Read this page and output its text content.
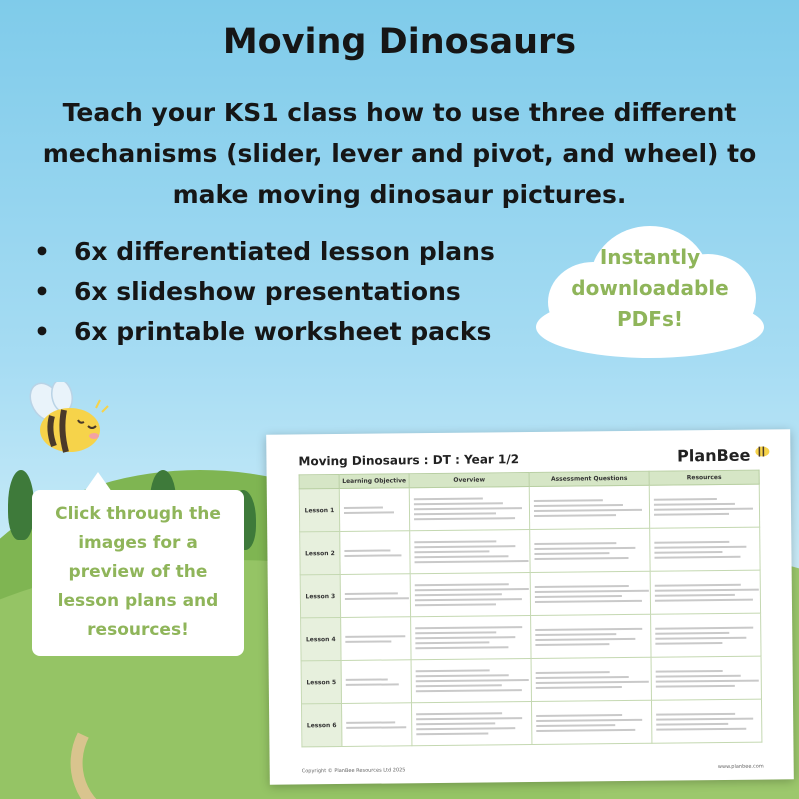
Moving Dinosaurs
Teach your KS1 class how to use three different mechanisms (slider, lever and pivot, and wheel) to make moving dinosaur pictures.
• 6x differentiated lesson plans
• 6x slideshow presentations
• 6x printable worksheet packs
Instantly
downloadable
PDFs!
Click through the
images for a
preview of the
lesson plans and
resources!
Moving Dinosaurs : DT : Year 1/2	PlanBee
	Learning Objective	Overview	Assessment Questions	Resources
Lesson 1	

Lesson 2	

Lesson 3	

Lesson 4	

Lesson 5	

Lesson 6	

Copyright © PlanBee Resources Ltd 2025
www.planbee.com
